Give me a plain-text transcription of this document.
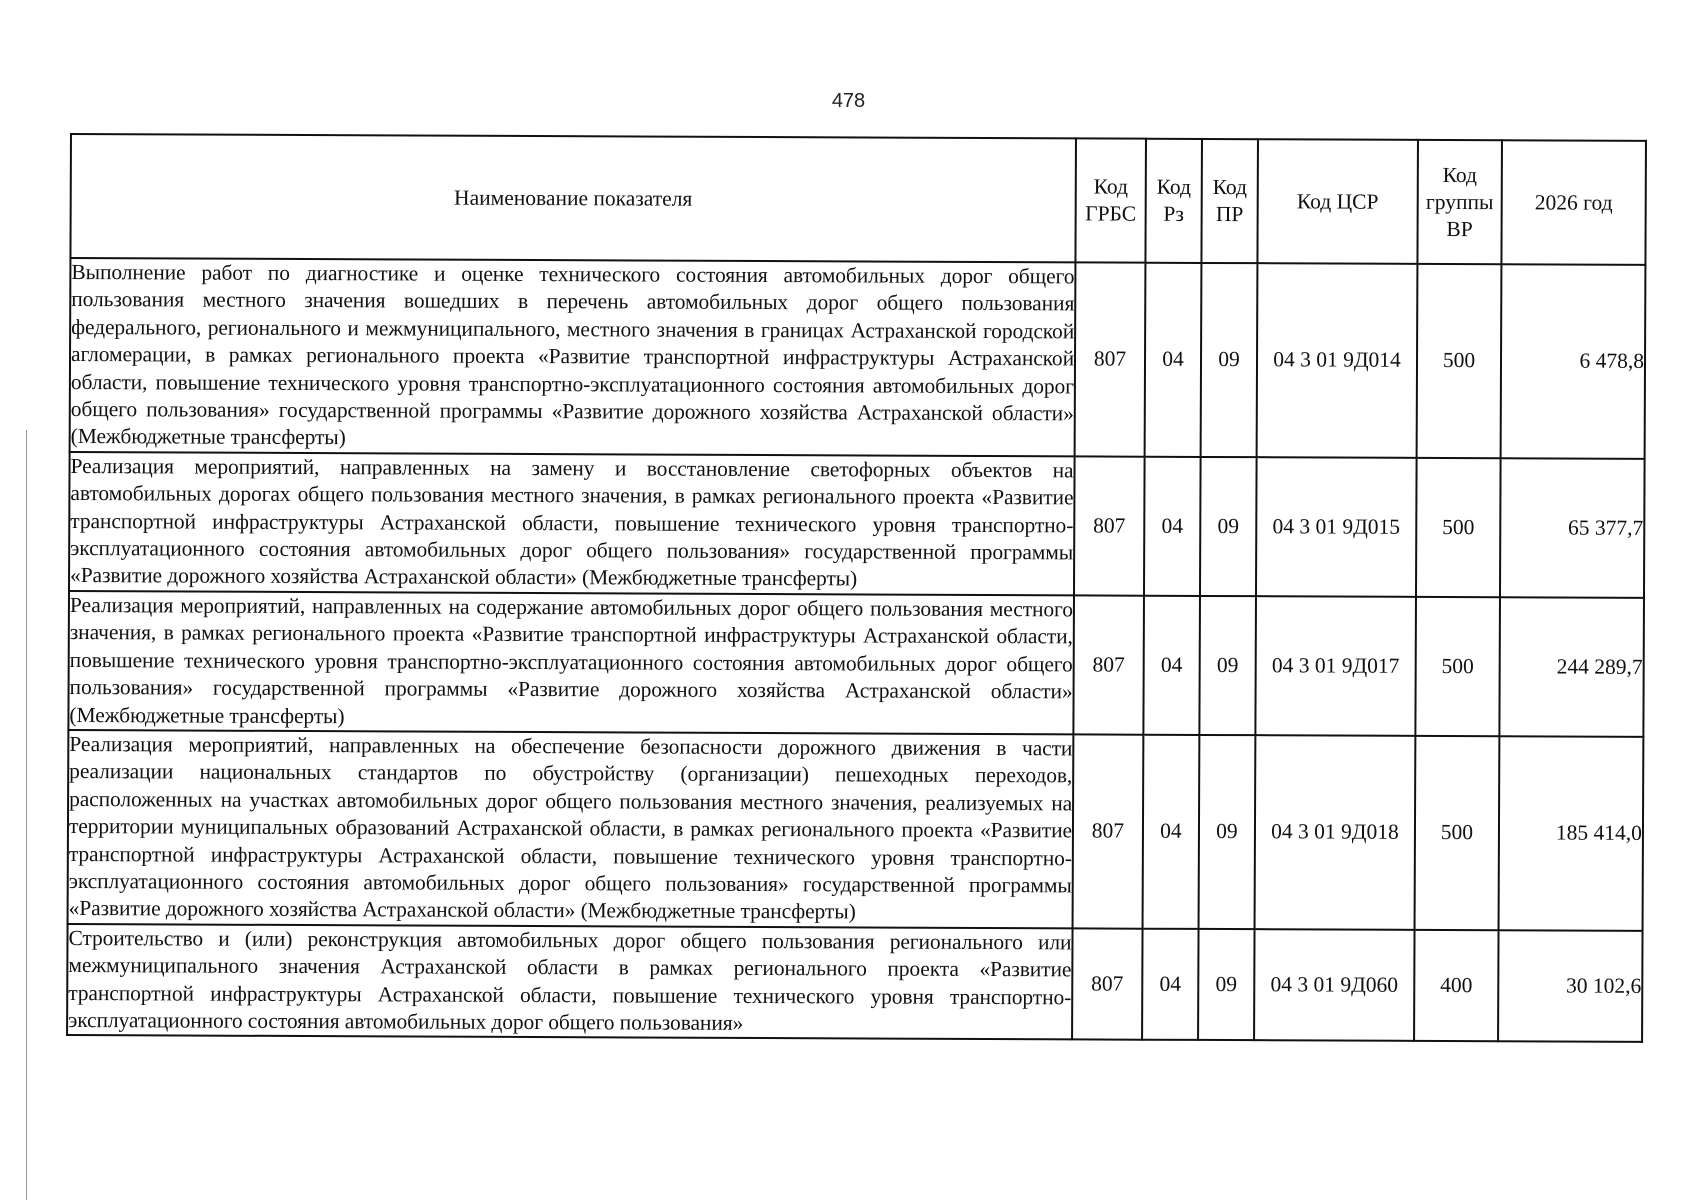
478
Наименование показателя	Код ГРБС	Код Рз	Код ПР	Код ЦСР	Код группы ВР	2026 год
Выполнение работ по диагностике и оценке технического состояния автомобильных дорог общего пользования местного значения вошедших в перечень автомобильных дорог общего пользования федерального, регионального и межмуниципального, местного значения в границах Астраханской городской агломерации, в рамках регионального проекта «Развитие транспортной инфраструктуры Астраханской области, повышение технического уровня транспортно-эксплуатационного состояния автомобильных дорог общего пользования» государственной программы «Развитие дорожного хозяйства Астраханской области» (Межбюджетные трансферты)	807	04	09	04 3 01 9Д014	500	6 478,8
Реализация мероприятий, направленных на замену и восстановление светофорных объектов на автомобильных дорогах общего пользования местного значения, в рамках регионального проекта «Развитие транспортной инфраструктуры Астраханской области, повышение технического уровня транспортно-эксплуатационного состояния автомобильных дорог общего пользования» государственной программы «Развитие дорожного хозяйства Астраханской области» (Межбюджетные трансферты)	807	04	09	04 3 01 9Д015	500	65 377,7
Реализация мероприятий, направленных на содержание автомобильных дорог общего пользования местного значения, в рамках регионального проекта «Развитие транспортной инфраструктуры Астраханской области, повышение технического уровня транспортно-эксплуатационного состояния автомобильных дорог общего пользования» государственной программы «Развитие дорожного хозяйства Астраханской области» (Межбюджетные трансферты)	807	04	09	04 3 01 9Д017	500	244 289,7
Реализация мероприятий, направленных на обеспечение безопасности дорожного движения в части реализации национальных стандартов по обустройству (организации) пешеходных переходов, расположенных на участках автомобильных дорог общего пользования местного значения, реализуемых на территории муниципальных образований Астраханской области, в рамках регионального проекта «Развитие транспортной инфраструктуры Астраханской области, повышение технического уровня транспортно-эксплуатационного состояния автомобильных дорог общего пользования» государственной программы «Развитие дорожного хозяйства Астраханской области» (Межбюджетные трансферты)	807	04	09	04 3 01 9Д018	500	185 414,0
Строительство и (или) реконструкция автомобильных дорог общего пользования регионального или межмуниципального значения Астраханской области в рамках регионального проекта «Развитие транспортной инфраструктуры Астраханской области, повышение технического уровня транспортно-эксплуатационного состояния автомобильных дорог общего пользования»	807	04	09	04 3 01 9Д060	400	30 102,6
